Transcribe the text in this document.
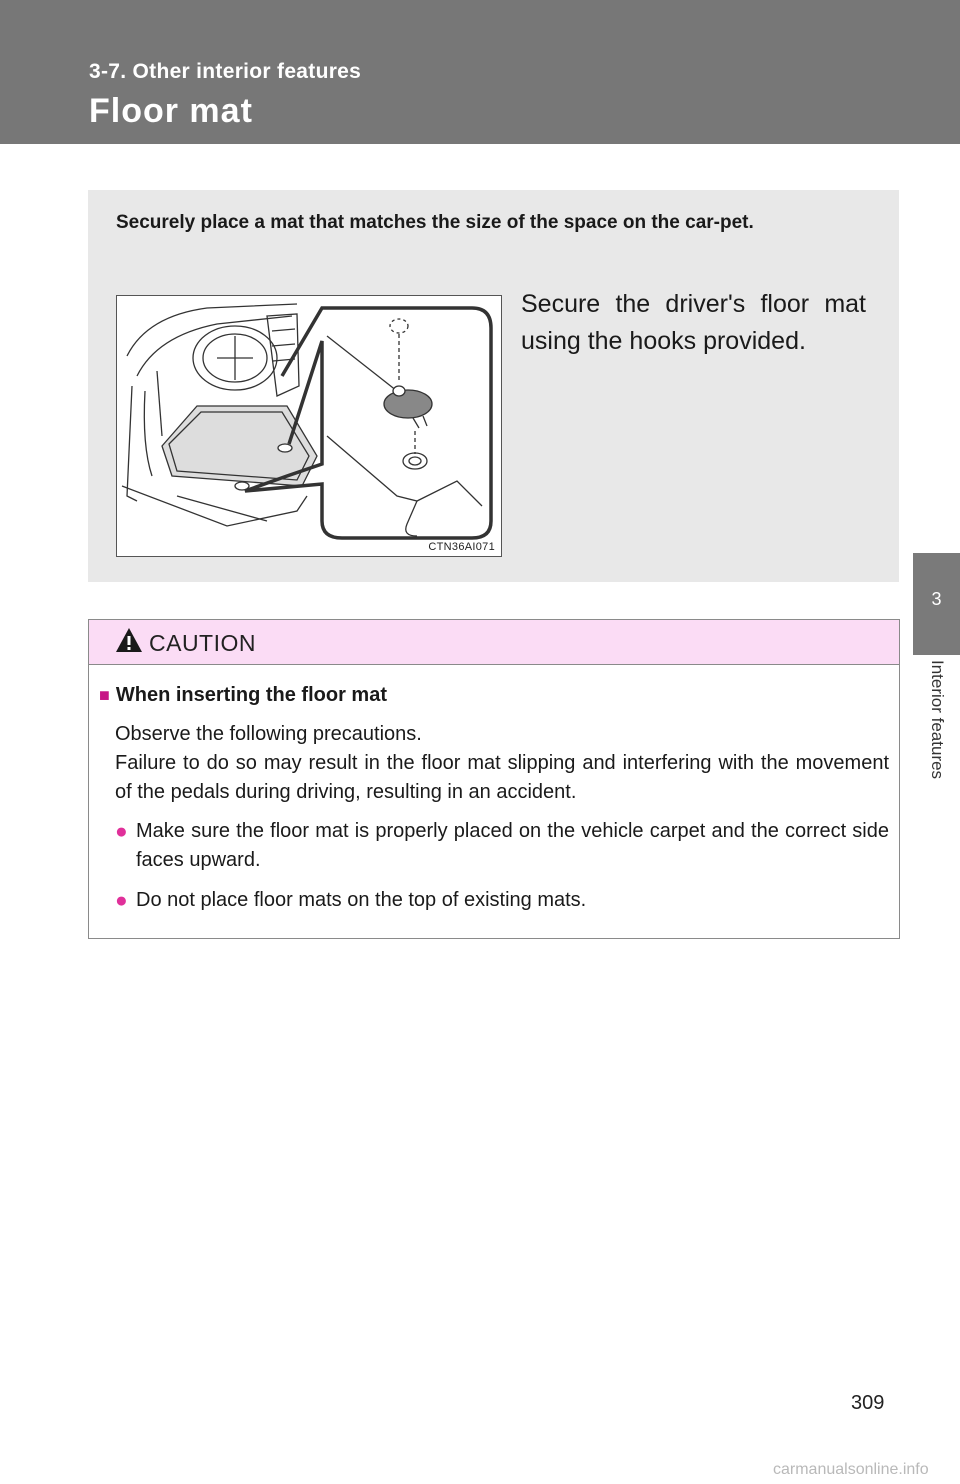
3-7. Other interior features
Floor mat
3
Interior features
Securely place a mat that matches the size of the space on the car-pet.
CTN36AI071
Secure the driver's floor mat using the hooks provided.
CAUTION
■ When inserting the floor mat
Observe the following precautions.
Failure to do so may result in the floor mat slipping and interfering with the movement of the pedals during driving, resulting in an accident.
● Make sure the floor mat is properly placed on the vehicle carpet and the correct side faces upward.
● Do not place floor mats on the top of existing mats.
309
carmanualsonline.info
